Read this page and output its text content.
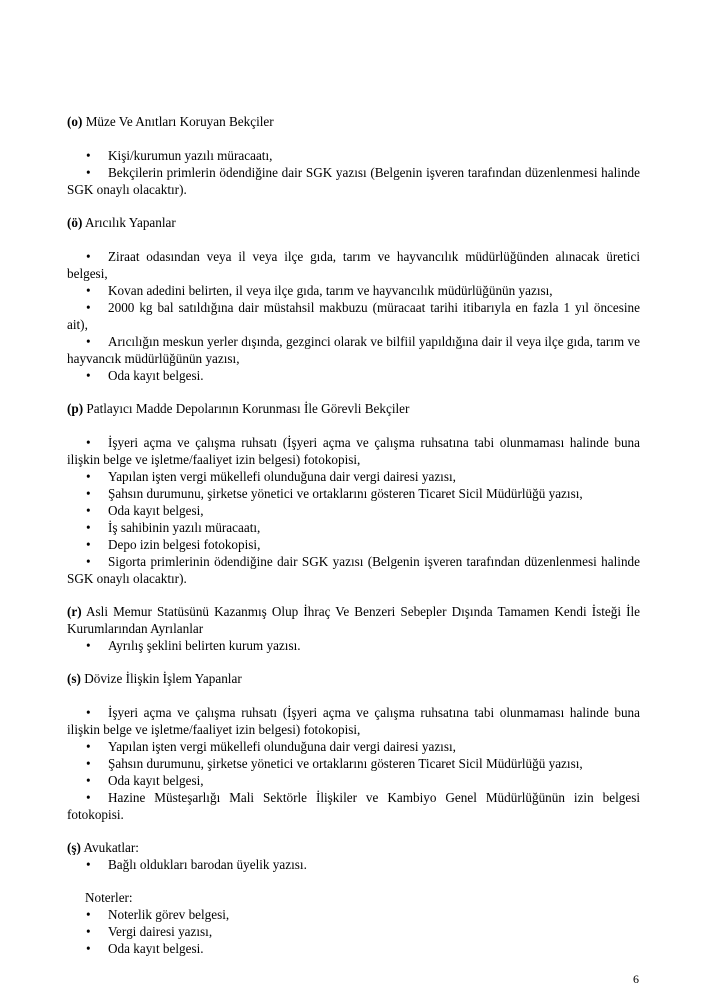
(o) Müze Ve Anıtları Koruyan Bekçiler

• Kişi/kurumun yazılı müracaatı,
• Bekçilerin primlerin ödendiğine dair SGK yazısı (Belgenin işveren tarafından düzenlenmesi halinde SGK onaylı olacaktır).

(ö) Arıcılık Yapanlar

• Ziraat odasından veya il veya ilçe gıda, tarım ve hayvancılık müdürlüğünden alınacak üretici belgesi,
• Kovan adedini belirten, il veya ilçe gıda, tarım ve hayvancılık müdürlüğünün yazısı,
• 2000 kg bal satıldığına dair müstahsil makbuzu (müracaat tarihi itibarıyla en fazla 1 yıl öncesine ait),
• Arıcılığın meskun yerler dışında, gezginci olarak ve bilfiil yapıldığına dair il veya ilçe gıda, tarım ve hayvancık müdürlüğünün yazısı,
• Oda kayıt belgesi.

(p) Patlayıcı Madde Depolarının Korunması İle Görevli Bekçiler

• İşyeri açma ve çalışma ruhsatı (İşyeri açma ve çalışma ruhsatına tabi olunmaması halinde buna ilişkin belge ve işletme/faaliyet izin belgesi) fotokopisi,
• Yapılan işten vergi mükellefi olunduğuna dair vergi dairesi yazısı,
• Şahsın durumunu, şirketse yönetici ve ortaklarını gösteren Ticaret Sicil Müdürlüğü yazısı,
• Oda kayıt belgesi,
• İş sahibinin yazılı müracaatı,
• Depo izin belgesi fotokopisi,
• Sigorta primlerinin ödendiğine dair SGK yazısı (Belgenin işveren tarafından düzenlenmesi halinde SGK onaylı olacaktır).

(r) Asli Memur Statüsünü Kazanmış Olup İhraç Ve Benzeri Sebepler Dışında Tamamen Kendi İsteği İle Kurumlarından Ayrılanlar

• Ayrılış şeklini belirten kurum yazısı.

(s) Dövize İlişkin İşlem Yapanlar

• İşyeri açma ve çalışma ruhsatı (İşyeri açma ve çalışma ruhsatına tabi olunmaması halinde buna ilişkin belge ve işletme/faaliyet izin belgesi) fotokopisi,
• Yapılan işten vergi mükellefi olunduğuna dair vergi dairesi yazısı,
• Şahsın durumunu, şirketse yönetici ve ortaklarını gösteren Ticaret Sicil Müdürlüğü yazısı,
• Oda kayıt belgesi,
• Hazine Müsteşarlığı Mali Sektörle İlişkiler ve Kambiyo Genel Müdürlüğünün izin belgesi fotokopisi.

(ş) Avukatlar:

• Bağlı oldukları barodan üyelik yazısı.

Noterler:

• Noterlik görev belgesi,
• Vergi dairesi yazısı,
• Oda kayıt belgesi.
6
